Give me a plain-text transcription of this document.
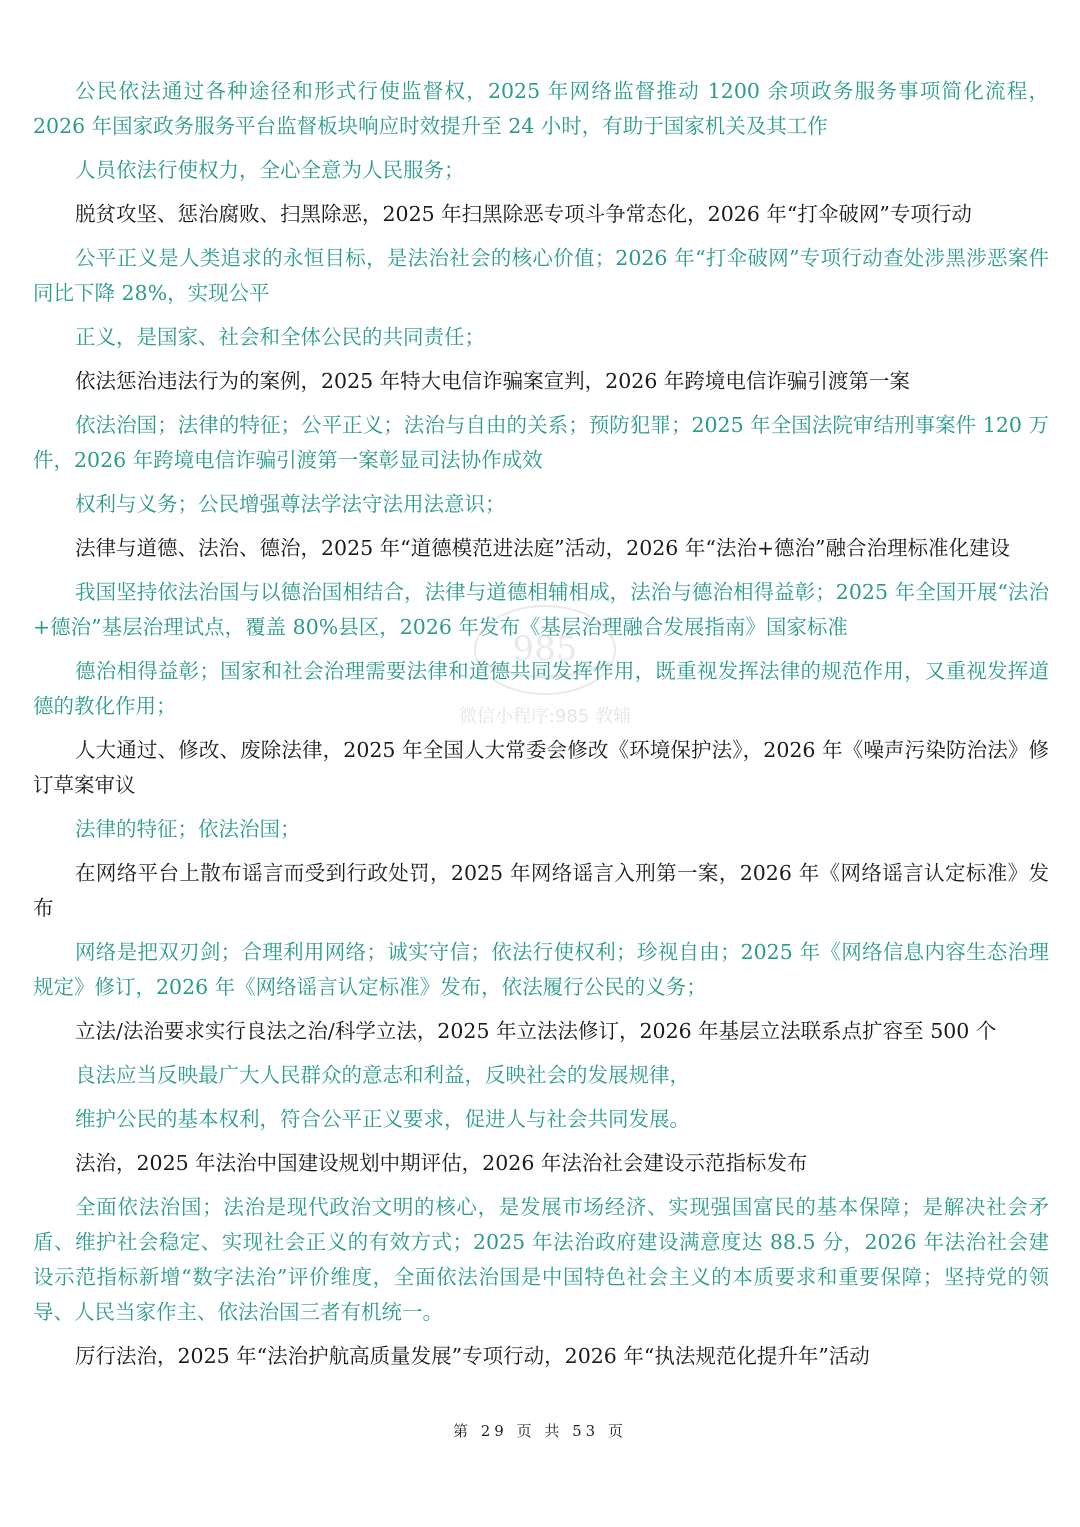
公民依法通过各种途径和形式行使监督权，2025 年网络监督推动 1200 余项政务服务事项简化流程，2026 年国家政务服务平台监督板块响应时效提升至 24 小时，有助于国家机关及其工作

人员依法行使权力，全心全意为人民服务；

脱贫攻坚、惩治腐败、扫黑除恶，2025 年扫黑除恶专项斗争常态化，2026 年“打伞破网”专项行动

公平正义是人类追求的永恒目标，是法治社会的核心价值；2026 年“打伞破网”专项行动查处涉黑涉恶案件同比下降 28%，实现公平

正义，是国家、社会和全体公民的共同责任；

依法惩治违法行为的案例，2025 年特大电信诈骗案宣判，2026 年跨境电信诈骗引渡第一案

依法治国；法律的特征；公平正义；法治与自由的关系；预防犯罪；2025 年全国法院审结刑事案件 120 万件，2026 年跨境电信诈骗引渡第一案彰显司法协作成效

权利与义务；公民增强尊法学法守法用法意识；

法律与道德、法治、德治，2025 年“道德模范进法庭”活动，2026 年“法治+德治”融合治理标准化建设

我国坚持依法治国与以德治国相结合，法律与道德相辅相成，法治与德治相得益彰；2025 年全国开展“法治+德治”基层治理试点，覆盖 80%县区，2026 年发布《基层治理融合发展指南》国家标准

德治相得益彰；国家和社会治理需要法律和道德共同发挥作用，既重视发挥法律的规范作用，又重视发挥道德的教化作用；

人大通过、修改、废除法律，2025 年全国人大常委会修改《环境保护法》，2026 年《噪声污染防治法》修订草案审议

法律的特征；依法治国；

在网络平台上散布谣言而受到行政处罚，2025 年网络谣言入刑第一案，2026 年《网络谣言认定标准》发布

网络是把双刃剑；合理利用网络；诚实守信；依法行使权利；珍视自由；2025 年《网络信息内容生态治理规定》修订，2026 年《网络谣言认定标准》发布，依法履行公民的义务；

立法/法治要求实行良法之治/科学立法，2025 年立法法修订，2026 年基层立法联系点扩容至 500 个

良法应当反映最广大人民群众的意志和利益，反映社会的发展规律，

维护公民的基本权利，符合公平正义要求，促进人与社会共同发展。

法治，2025 年法治中国建设规划中期评估，2026 年法治社会建设示范指标发布

全面依法治国；法治是现代政治文明的核心，是发展市场经济、实现强国富民的基本保障；是解决社会矛盾、维护社会稳定、实现社会正义的有效方式；2025 年法治政府建设满意度达 88.5 分，2026 年法治社会建设示范指标新增“数字法治”评价维度，全面依法治国是中国特色社会主义的本质要求和重要保障；坚持党的领导、人民当家作主、依法治国三者有机统一。

厉行法治，2025 年“法治护航高质量发展”专项行动，2026 年“执法规范化提升年”活动

985
微信小程序:985 教辅
第 29 页 共 53 页
